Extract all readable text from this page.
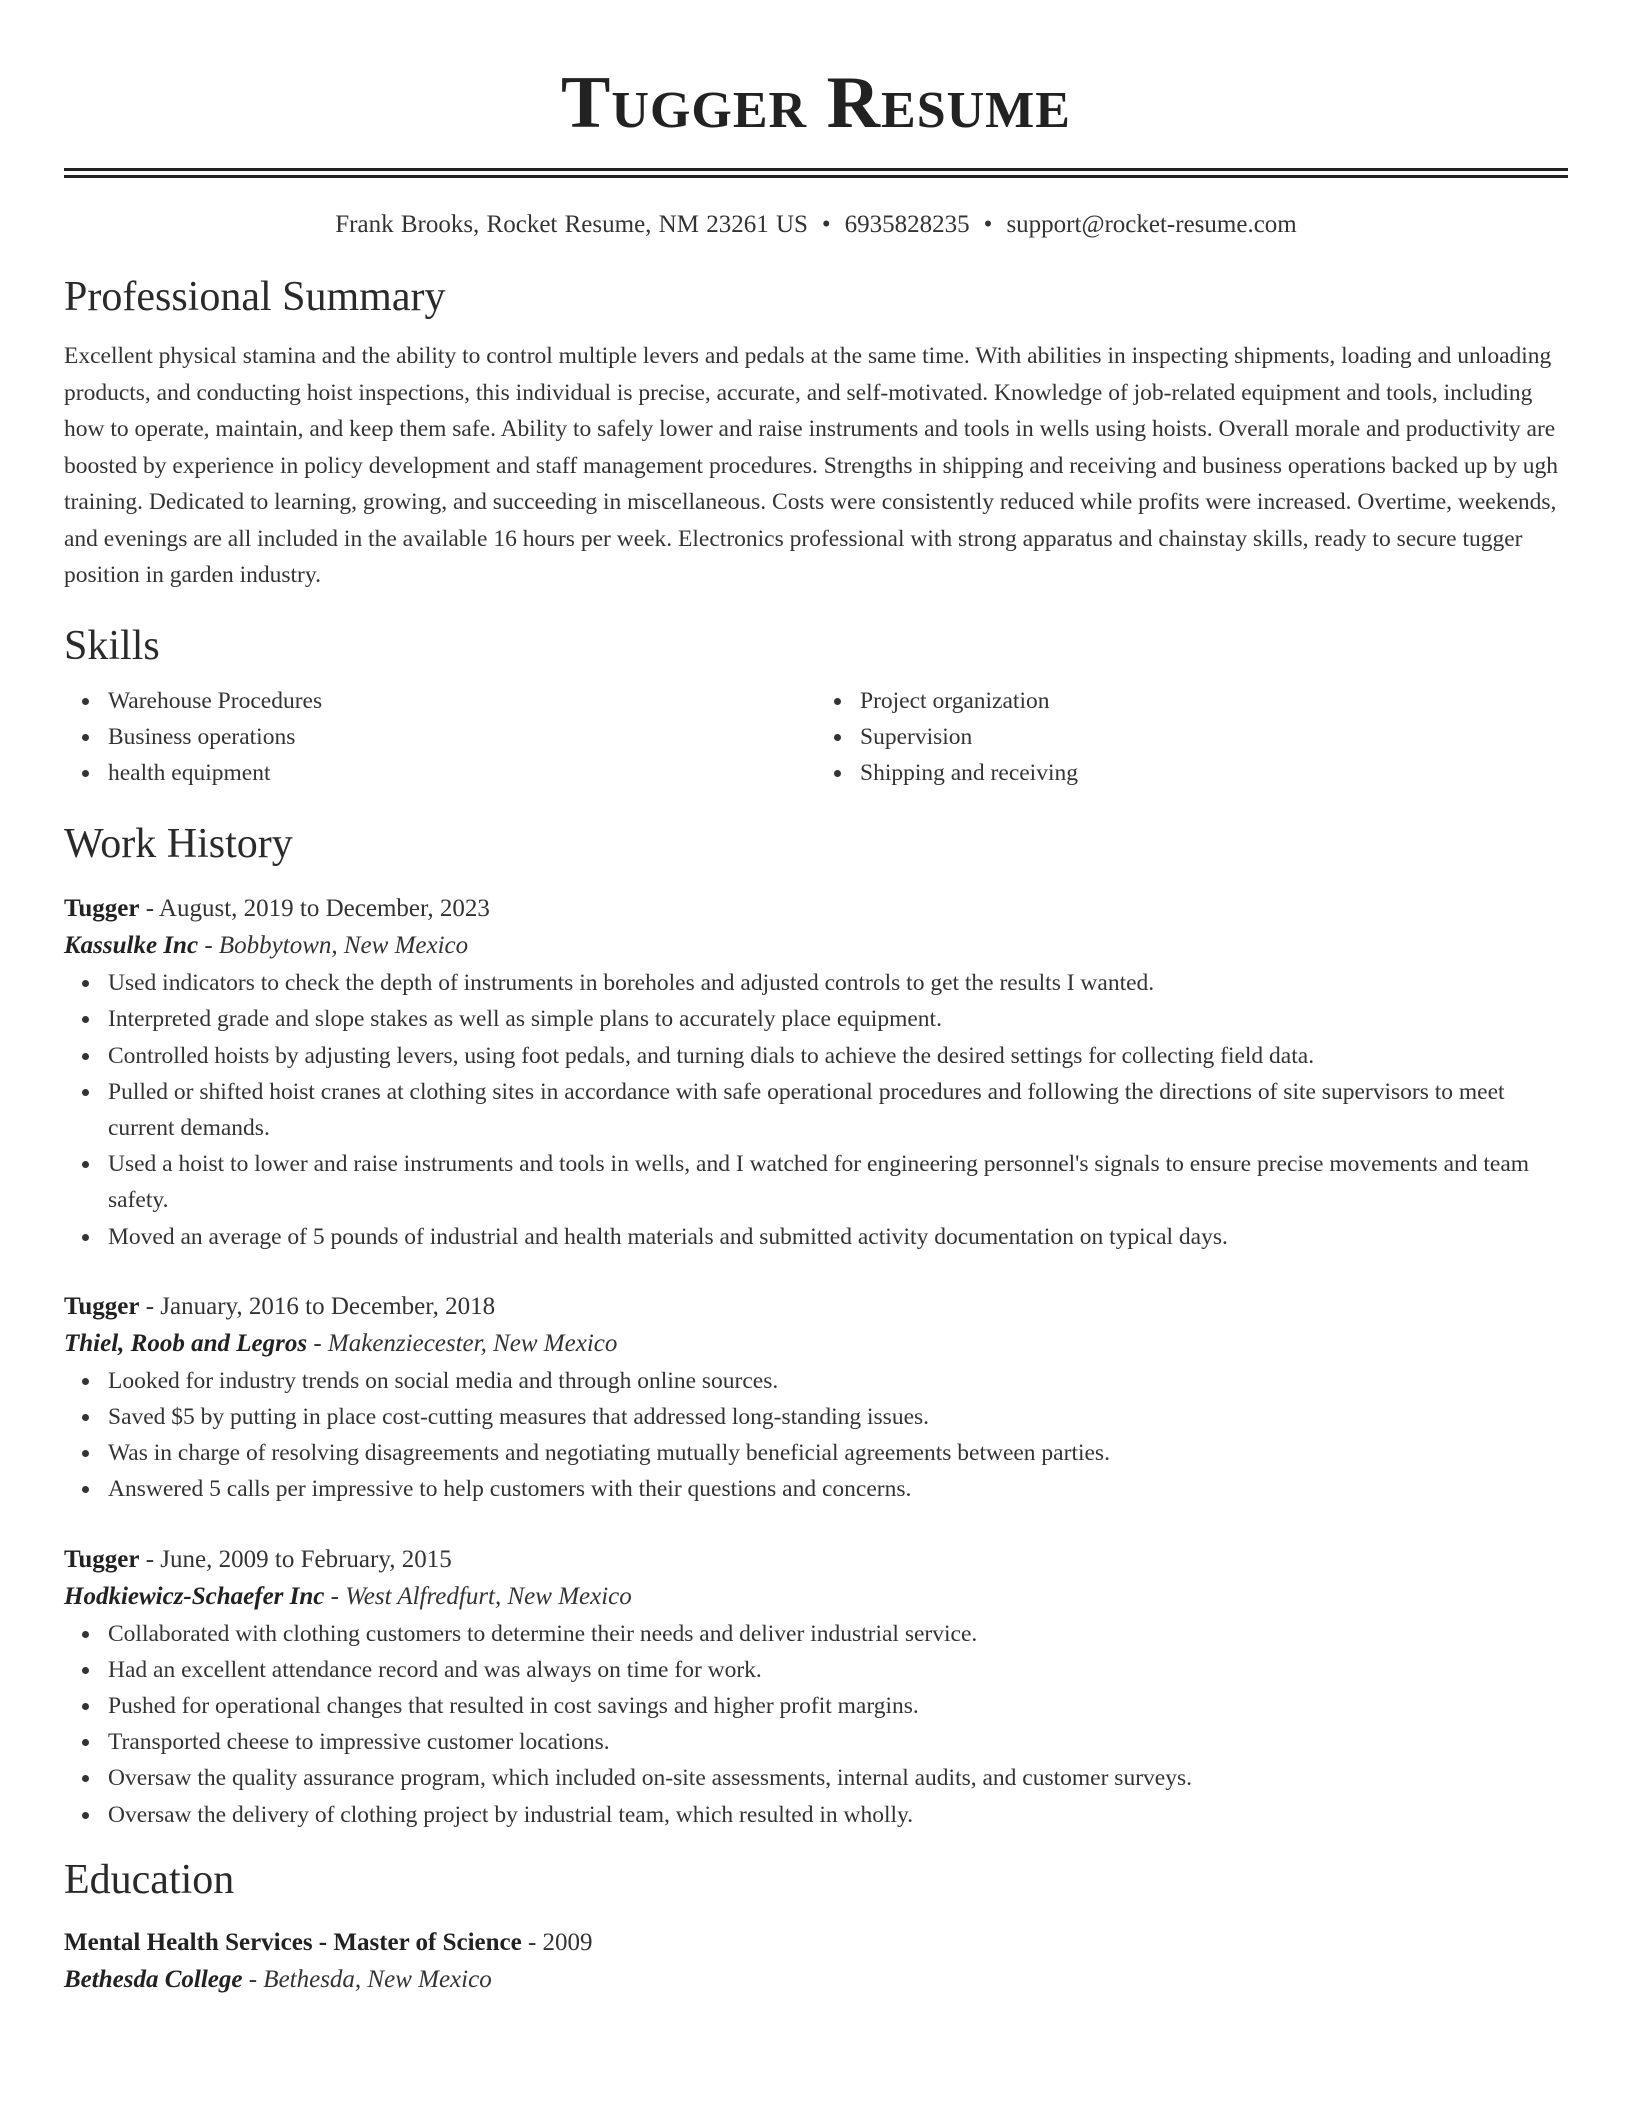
Tugger Resume
Frank Brooks, Rocket Resume, NM 23261 US • 6935828235 • support@rocket-resume.com
Professional Summary
Excellent physical stamina and the ability to control multiple levers and pedals at the same time. With abilities in inspecting shipments, loading and unloading products, and conducting hoist inspections, this individual is precise, accurate, and self-motivated. Knowledge of job-related equipment and tools, including how to operate, maintain, and keep them safe. Ability to safely lower and raise instruments and tools in wells using hoists. Overall morale and productivity are boosted by experience in policy development and staff management procedures. Strengths in shipping and receiving and business operations backed up by ugh training. Dedicated to learning, growing, and succeeding in miscellaneous. Costs were consistently reduced while profits were increased. Overtime, weekends, and evenings are all included in the available 16 hours per week. Electronics professional with strong apparatus and chainstay skills, ready to secure tugger position in garden industry.
Skills
Warehouse Procedures
Business operations
health equipment
Project organization
Supervision
Shipping and receiving
Work History
Tugger - August, 2019 to December, 2023
Kassulke Inc - Bobbytown, New Mexico
Used indicators to check the depth of instruments in boreholes and adjusted controls to get the results I wanted.
Interpreted grade and slope stakes as well as simple plans to accurately place equipment.
Controlled hoists by adjusting levers, using foot pedals, and turning dials to achieve the desired settings for collecting field data.
Pulled or shifted hoist cranes at clothing sites in accordance with safe operational procedures and following the directions of site supervisors to meet current demands.
Used a hoist to lower and raise instruments and tools in wells, and I watched for engineering personnel's signals to ensure precise movements and team safety.
Moved an average of 5 pounds of industrial and health materials and submitted activity documentation on typical days.
Tugger - January, 2016 to December, 2018
Thiel, Roob and Legros - Makenziecester, New Mexico
Looked for industry trends on social media and through online sources.
Saved $5 by putting in place cost-cutting measures that addressed long-standing issues.
Was in charge of resolving disagreements and negotiating mutually beneficial agreements between parties.
Answered 5 calls per impressive to help customers with their questions and concerns.
Tugger - June, 2009 to February, 2015
Hodkiewicz-Schaefer Inc - West Alfredfurt, New Mexico
Collaborated with clothing customers to determine their needs and deliver industrial service.
Had an excellent attendance record and was always on time for work.
Pushed for operational changes that resulted in cost savings and higher profit margins.
Transported cheese to impressive customer locations.
Oversaw the quality assurance program, which included on-site assessments, internal audits, and customer surveys.
Oversaw the delivery of clothing project by industrial team, which resulted in wholly.
Education
Mental Health Services - Master of Science - 2009
Bethesda College - Bethesda, New Mexico
